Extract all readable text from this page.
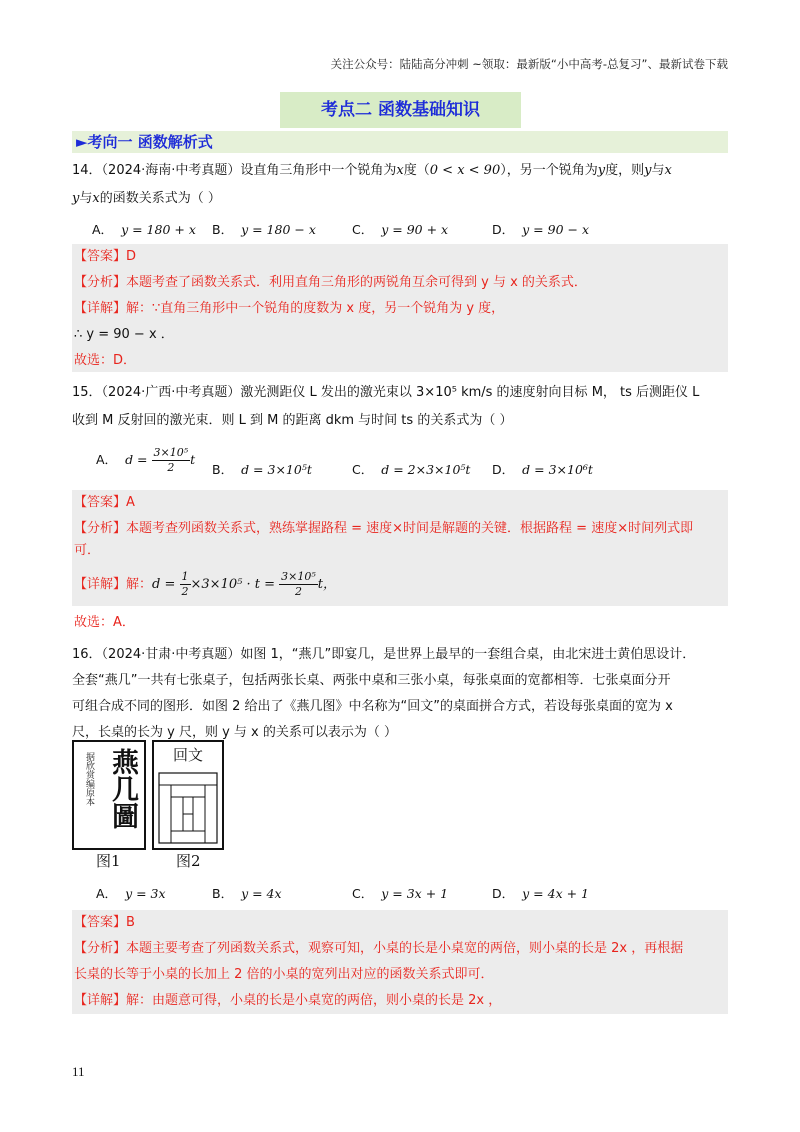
关注公众号：陆陆高分冲刺 ~领取：最新版“小中高考-总复习”、最新试卷下载
考点二 函数基础知识
►考向一 函数解析式
14．（2024·海南·中考真题）设直角三角形中一个锐角为x度（0 < x < 90），另一个锐角为y度，则y与x
y与x的函数关系式为（ ）
A． y = 180 + x B． y = 180 − x	C． y = 90 + x	D． y = 90 − x
【答案】D
【分析】本题考查了函数关系式．利用直角三角形的两锐角互余可得到 y 与 x 的关系式．
【详解】解：∵直角三角形中一个锐角的度数为 x 度，另一个锐角为 y 度，
∴ y = 90 − x ．
故选：D．
15．（2024·广西·中考真题）激光测距仪 L 发出的激光束以 3×10⁵ km/s 的速度射向目标 M， ts 后测距仪 L
收到 M 反射回的激光束．则 L 到 M 的距离 dkm 与时间 ts 的关系式为（ ）
A． $d = \frac{\text{3×10⁵}}{2}$ t
B． d = 3×10⁵t	C． d = 2×3×10⁵t D． d = 3×10⁶t
【答案】A
【分析】本题考查列函数关系式，熟练掌握路程 = 速度×时间是解题的关键．根据路程 = 速度×时间列式即
可．
【详解】解：$d = \frac{1}{2} \times 3\times 10^5 \cdot t = \frac{\text{3×10⁵}}{2}$ t，
故选：A．
16．（2024·甘肃·中考真题）如图 1，“燕几”即宴几，是世界上最早的一套组合桌，由北宋进士黄伯思设计．
全套“燕几”一共有七张桌子，包括两张长桌、两张中桌和三张小桌，每张桌面的宽都相等．七张桌面分开
可组合成不同的图形．如图 2 给出了《燕几图》中名称为“回文”的桌面拼合方式，若设每张桌面的宽为 x
尺，长桌的长为 y 尺，则 y 与 x 的关系可以表示为（ ）
据欣赏编原本 燕几圖	回文
图1	图2
A． y = 3x	B． y = 4x	C． y = 3x + 1	D． y = 4x + 1
【答案】B
【分析】本题主要考查了列函数关系式，观察可知，小桌的长是小桌宽的两倍，则小桌的长是 2x ，再根据
长桌的长等于小桌的长加上 2 倍的小桌的宽列出对应的函数关系式即可．
【详解】解：由题意可得，小桌的长是小桌宽的两倍，则小桌的长是 2x ，
11
